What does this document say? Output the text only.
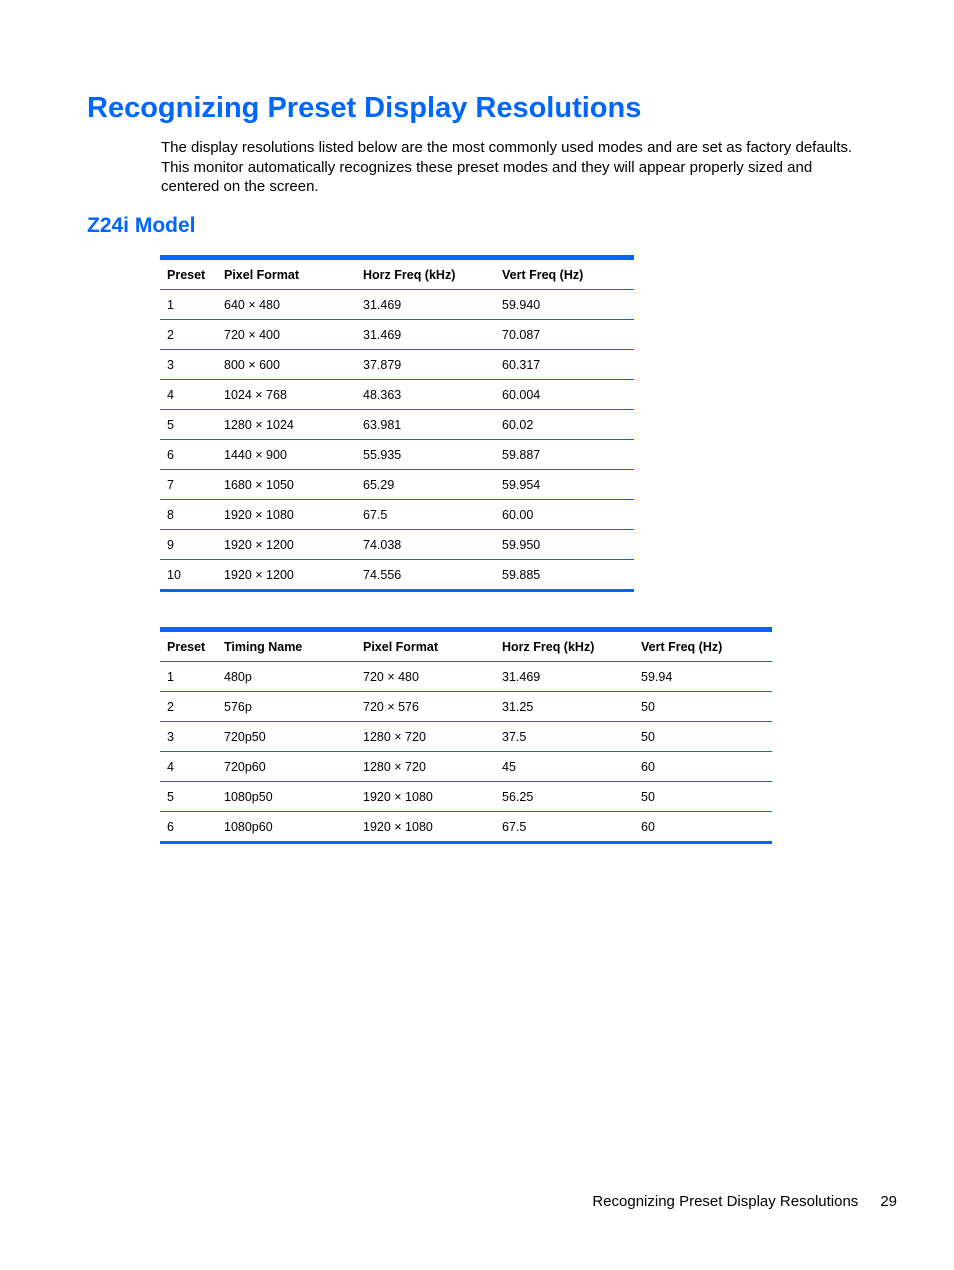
Recognizing Preset Display Resolutions

The display resolutions listed below are the most commonly used modes and are set as factory defaults. This monitor automatically recognizes these preset modes and they will appear properly sized and centered on the screen.

Z24i Model
Preset	Pixel Format	Horz Freq (kHz)	Vert Freq (Hz)
1	640 × 480	31.469	59.940
2	720 × 400	31.469	70.087
3	800 × 600	37.879	60.317
4	1024 × 768	48.363	60.004
5	1280 × 1024	63.981	60.02
6	1440 × 900	55.935	59.887
7	1680 × 1050	65.29	59.954
8	1920 × 1080	67.5	60.00
9	1920 × 1200	74.038	59.950
10	1920 × 1200	74.556	59.885
Preset	Timing Name	Pixel Format	Horz Freq (kHz)	Vert Freq (Hz)
1	480p	720 × 480	31.469	59.94
2	576p	720 × 576	31.25	50
3	720p50	1280 × 720	37.5	50
4	720p60	1280 × 720	45	60
5	1080p50	1920 × 1080	56.25	50
6	1080p60	1920 × 1080	67.5	60
Recognizing Preset Display Resolutions 29
